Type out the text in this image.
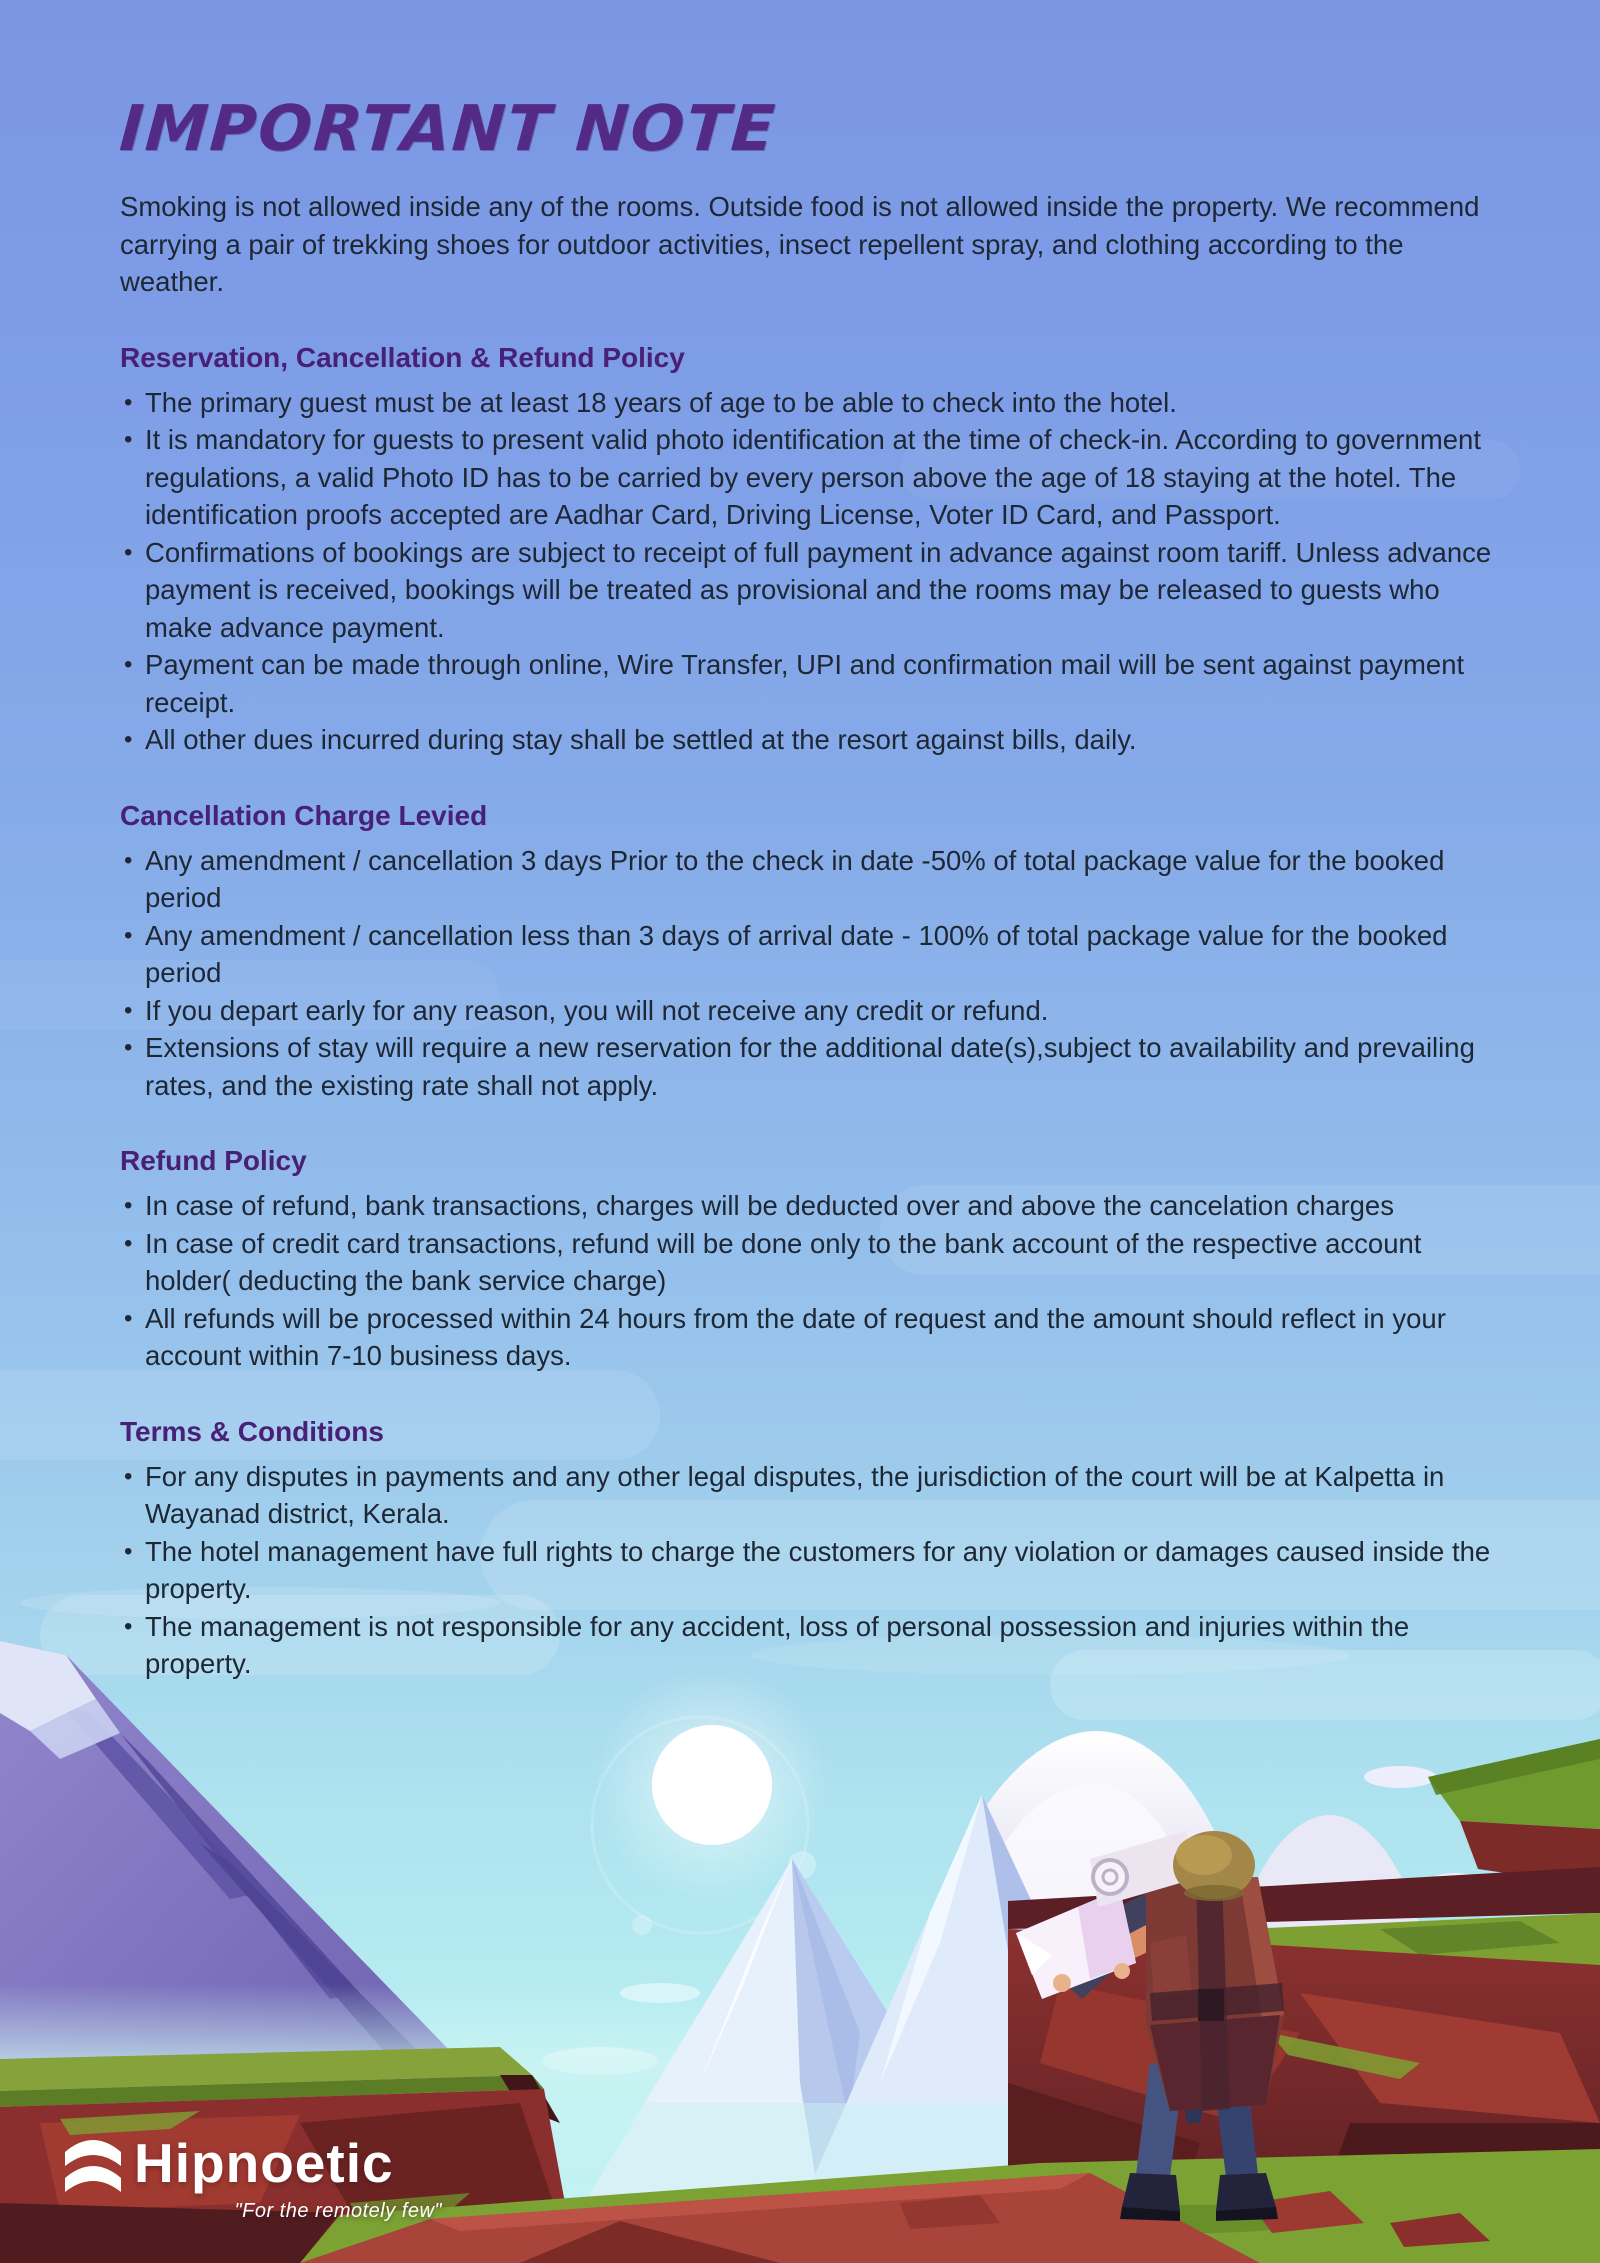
IMPORTANT NOTE

Smoking is not allowed inside any of the rooms. Outside food is not allowed inside the property. We recommend carrying a pair of trekking shoes for outdoor activities, insect repellent spray, and clothing according to the weather.

Reservation, Cancellation & Refund Policy
• The primary guest must be at least 18 years of age to be able to check into the hotel.
• It is mandatory for guests to present valid photo identification at the time of check-in. According to government regulations, a valid Photo ID has to be carried by every person above the age of 18 staying at the hotel. The identification proofs accepted are Aadhar Card, Driving License, Voter ID Card, and Passport.
• Confirmations of bookings are subject to receipt of full payment in advance against room tariff. Unless advance payment is received, bookings will be treated as provisional and the rooms may be released to guests who make advance payment.
• Payment can be made through online, Wire Transfer, UPI and confirmation mail will be sent against payment receipt.
• All other dues incurred during stay shall be settled at the resort against bills, daily.
Cancellation Charge Levied
• Any amendment / cancellation 3 days Prior to the check in date -50% of total package value for the booked period
• Any amendment / cancellation less than 3 days of arrival date - 100% of total package value for the booked period
• If you depart early for any reason, you will not receive any credit or refund.
• Extensions of stay will require a new reservation for the additional date(s),subject to availability and prevailing rates, and the existing rate shall not apply.
Refund Policy
• In case of refund, bank transactions, charges will be deducted over and above the cancelation charges
• In case of credit card transactions, refund will be done only to the bank account of the respective account holder( deducting the bank service charge)
• All refunds will be processed within 24 hours from the date of request and the amount should reflect in your account within 7-10 business days.
Terms & Conditions
• For any disputes in payments and any other legal disputes, the jurisdiction of the court will be at Kalpetta in Wayanad district, Kerala.
• The hotel management have full rights to charge the customers for any violation or damages caused inside the property.
• The management is not responsible for any accident, loss of personal possession and injuries within the property.
Hipnoetic
"For the remotely few"
